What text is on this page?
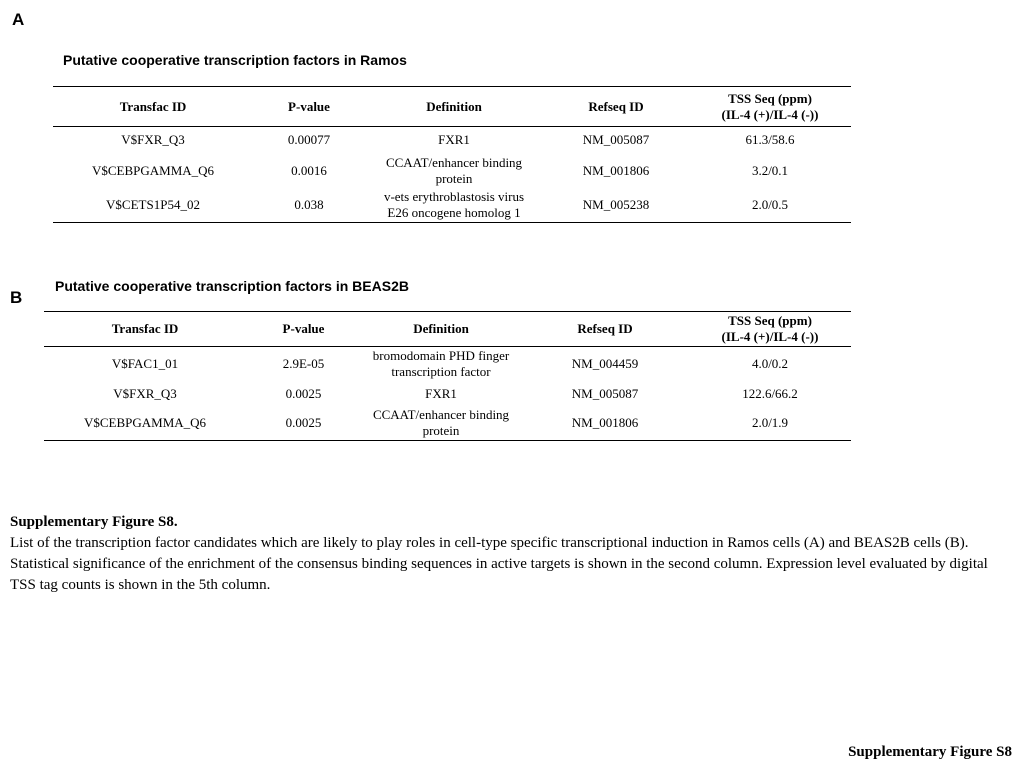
A
Putative cooperative transcription factors in Ramos
Transfac ID	P-value	Definition	Refseq ID	TSS Seq (ppm)
(IL-4 (+)/IL-4 (-))

V$FXR_Q3	0.00077	FXR1	NM_005087	61.3/58.6
V$CEBPGAMMA_Q6	0.0016	CCAAT/enhancer binding
protein	NM_001806	3.2/0.1
V$CETS1P54_02	0.038	v-ets erythroblastosis virus
E26 oncogene homolog 1	NM_005238	2.0/0.5
B
Putative cooperative transcription factors in BEAS2B
Transfac ID	P-value	Definition	Refseq ID	TSS Seq (ppm)
(IL-4 (+)/IL-4 (-))

V$FAC1_01	2.9E-05	bromodomain PHD finger
transcription factor	NM_004459	4.0/0.2
V$FXR_Q3	0.0025	FXR1	NM_005087	122.6/66.2
V$CEBPGAMMA_Q6	0.0025	CCAAT/enhancer binding
protein	NM_001806	2.0/1.9
Supplementary Figure S8.
List of the transcription factor candidates which are likely to play roles in cell-type specific transcriptional induction in Ramos cells (A) and BEAS2B cells (B). Statistical significance of the enrichment of the consensus binding sequences in active targets is shown in the second column. Expression level evaluated by digital TSS tag counts is shown in the 5th column.
Supplementary Figure S8
